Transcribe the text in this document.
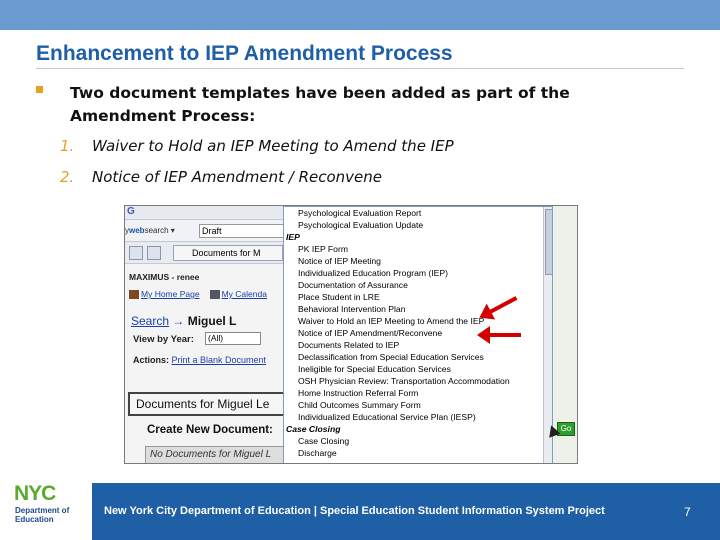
Enhancement to IEP Amendment Process
Two document templates have been added as part of the Amendment Process:
1. Waiver to Hold an IEP Meeting to Amend the IEP
2. Notice of IEP Amendment / Reconvene
G
ywebsearch ▾	Draft
Documents for M
MAXIMUS - renee
My Home Page	My Calenda
Search → Miguel L
View by Year:	(All)
Actions: Print a Blank Document
Documents for Miguel Le
Create New Document:
No Documents for Miguel L
Go
Psychological Evaluation Report
Psychological Evaluation Update
IEP
PK IEP Form
Notice of IEP Meeting
Individualized Education Program (IEP)
Documentation of Assurance
Place Student in LRE
Behavioral Intervention Plan
Waiver to Hold an IEP Meeting to Amend the IEP
Notice of IEP Amendment/Reconvene
Documents Related to IEP
Declassification from Special Education Services
Ineligible for Special Education Services
OSH Physician Review: Transportation Accommodation
Home Instruction Referral Form
Child Outcomes Summary Form
Individualized Educational Service Plan (IESP)
Case Closing
Case Closing
Discharge
NYC
Department of Education
New York City Department of Education | Special Education Student Information System Project	7
